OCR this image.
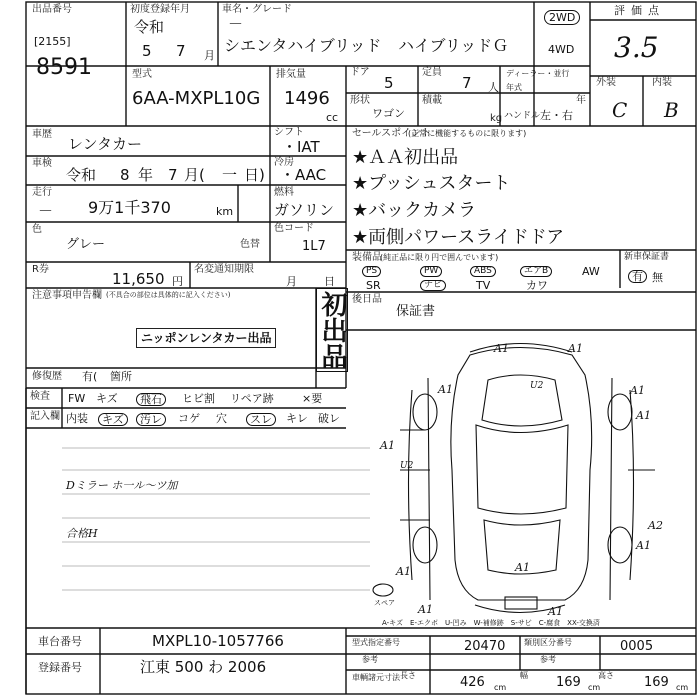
出品番号
[2155]
8591
初度登録年月
令和
5 7 月
車名・グレード
－
シエンタハイブリッド ハイブリッドＧ
2WD
4WD
評価点
3.5
外装	内装
C B
型式
6AA-MXPL10G
排気量
1496
cc
ドア
5
定員
7 人
ディーラー・並行
年式
年
形状
ワゴン
積載
kg ハンドル 左・右
車歴
レンタカー
シフト
・IAT
車検
令和 8 年 7 月( 一 日)
冷房
・AAC
走行
－ 9万1千370	km
燃料
ガソリン
色
グレー	色替
色コード
1L7
R券
11,650 円
名変通知期限
月 日
セールスポイント
(正常に機能するものに限ります)
★ＡＡ初出品
★プッシュスタート
★バックカメラ
★両側パワースライドドア
装備品
(純正品に限り円で囲んでいます)
PS	PW	ABS	エアB	AW
SR	ナビ	TV	カワ
新車保証書
有 無
注意事項申告欄 (不具合の部位は具体的に記入ください)
ニッポンレンタカー出品 初出品
修復歴 有( 箇所
後日品
保証書
検査
記入欄
FW キズ	飛石	ヒビ割 リペア跡	×要
内装	キズ	汚レ	コゲ 穴	スレ	キレ 破レ
Dミラー ホ一ル〜ツ加
合格H
A1	A1
A1
A1
A1
A1
A1
A1	A1
U2
U2
A2
A1
A1
スペア
A-キズ　E-エクボ　U-凹み　W-補修跡　S-サビ　C-腐食　XX-交換済
車台番号	MXPL10-1057766
登録番号	江東 500 わ 2006
型式指定番号	20470 類別区分番号	0005
参考	参考
車輌諸元寸法 長さ	426 cm
幅 169 cm
高さ 169 cm
